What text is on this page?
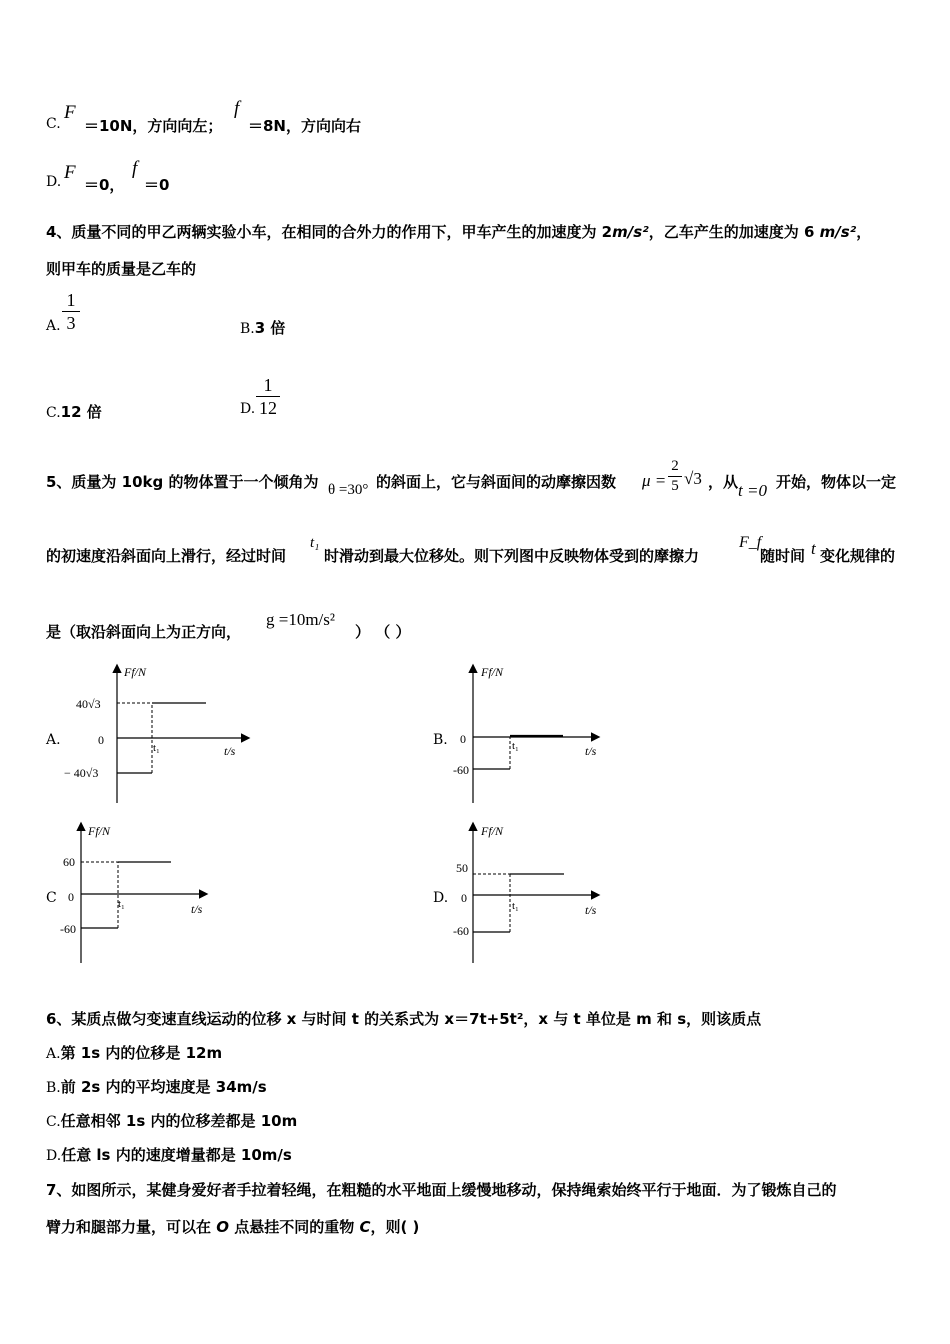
C.
F
＝10N，方向向左；
f
＝8N，方向向右
D. F
＝0，
f
＝0
4、质量不同的甲乙两辆实验小车，在相同的合外力的作用下，甲车产生的加速度为 2m/s²，乙车产生的加速度为 6 m/s²，
则甲车的质量是乙车的
A.
1
3	B.3 倍
C.12 倍	D.
1
12
5、质量为 10kg 的物体置于一个倾角为 θ =30° 的斜面上，它与斜面间的动摩擦因数 μ =
2
5 √3 ，从 t =0 开始，物体以一定
的初速度沿斜面向上滑行，经过时间
t₁
时滑动到最大位移处。则下列图中反映物体受到的摩擦力
F_f
随时间 t 变化规律的
是（取沿斜面向上为正方向，
g =10m/s²
） （ ）
A.
Ff/N
t/s
0
40√3
− 40√3
t₁	B.
Ff/N
t/s
0
-60
t₁
C
Ff/N
t/s
0
60
-60
t₁	D.
Ff/N
t/s
0
50
-60
t₁
6、某质点做匀变速直线运动的位移 x 与时间 t 的关系式为 x＝7t+5t²，x 与 t 单位是 m 和 s，则该质点
A.第 1s 内的位移是 12m
B.前 2s 内的平均速度是 34m/s
C.任意相邻 1s 内的位移差都是 10m
D.任意 ls 内的速度增量都是 10m/s
7、如图所示，某健身爱好者手拉着轻绳，在粗糙的水平地面上缓慢地移动，保持绳索始终平行于地面．为了锻炼自己的
臂力和腿部力量，可以在 O 点悬挂不同的重物 C，则( )
